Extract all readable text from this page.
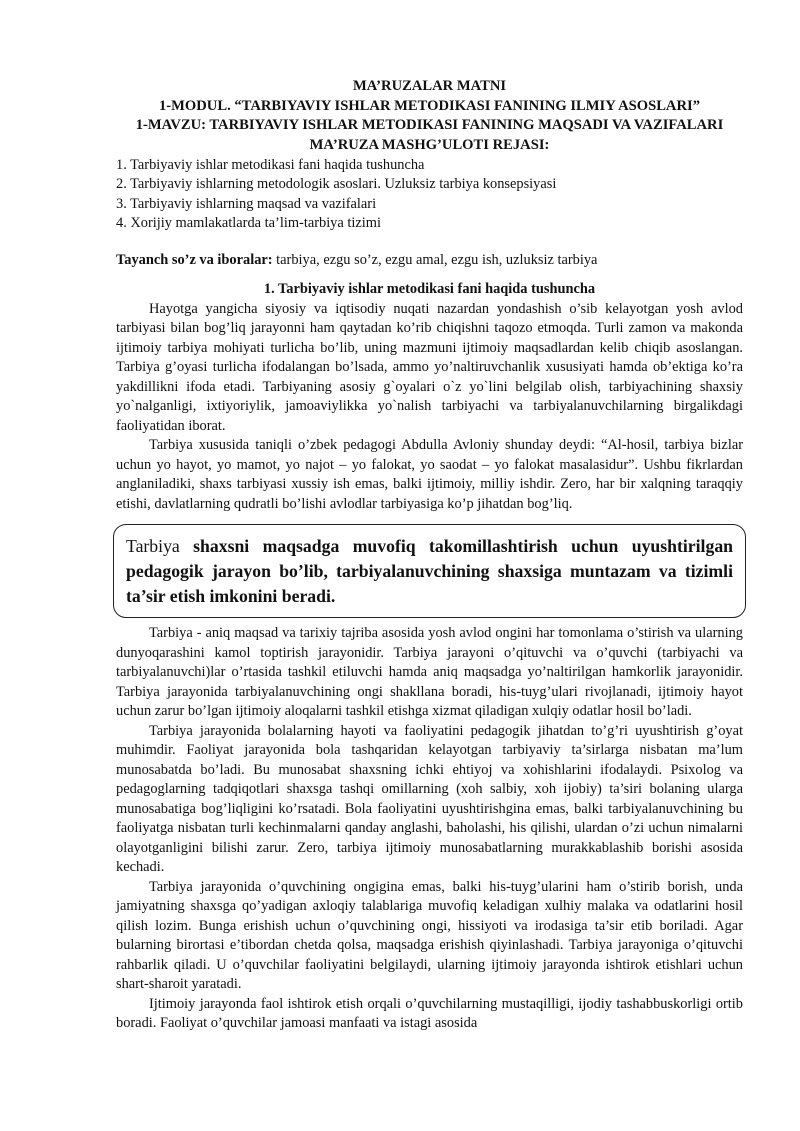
MA’RUZALAR MATNI
1-MODUL. “TARBIYAVIY ISHLAR METODIKASI FANINING ILMIY ASOSLARI”
1-MAVZU: TARBIYAVIY ISHLAR METODIKASI FANINING MAQSADI VA VAZIFALARI
MA’RUZA MASHG’ULOTI REJASI:
1. Tarbiyaviy ishlar metodikasi fani haqida tushuncha
2. Tarbiyaviy ishlarning metodologik asoslari. Uzluksiz tarbiya konsepsiyasi
3. Tarbiyaviy ishlarning maqsad va vazifalari
4. Xorijiy mamlakatlarda ta’lim-tarbiya tizimi
Tayanch so’z va iboralar: tarbiya, ezgu so’z, ezgu amal, ezgu ish, uzluksiz tarbiya
1. Tarbiyaviy ishlar metodikasi fani haqida tushuncha

Hayotga yangicha siyosiy va iqtisodiy nuqati nazardan yondashish o’sib kelayotgan yosh avlod tarbiyasi bilan bog’liq jarayonni ham qaytadan ko’rib chiqishni taqozo etmoqda. Turli zamon va makonda ijtimoiy tarbiya mohiyati turlicha bo’lib, uning mazmuni ijtimoiy maqsadlardan kelib chiqib asoslangan. Tarbiya g’oyasi turlicha ifodalangan bo’lsada, ammo yo’naltiruvchanlik xususiyati hamda ob’ektiga ko’ra yakdillikni ifoda etadi. Tarbiyaning asosiy g`oyalari o`z yo`lini belgilab olish, tarbiyachining shaxsiy yo`nalganligi, ixtiyoriylik, jamoaviylikka yo`nalish tarbiyachi va tarbiyalanuvchilarning birgalikdagi faoliyatidan iborat.

Tarbiya xususida taniqli o’zbek pedagogi Abdulla Avloniy shunday deydi: “Al-hosil, tarbiya bizlar uchun yo hayot, yo mamot, yo najot – yo falokat, yo saodat – yo falokat masalasidur”. Ushbu fikrlardan anglaniladiki, shaxs tarbiyasi xussiy ish emas, balki ijtimoiy, milliy ishdir. Zero, har bir xalqning taraqqiy etishi, davlatlarning qudratli bo’lishi avlodlar tarbiyasiga ko’p jihatdan bog’liq.

Tarbiya shaxsni maqsadga muvofiq takomillashtirish uchun uyushtirilgan pedagogik jarayon bo’lib, tarbiyalanuvchining shaxsiga muntazam va tizimli ta’sir etish imkonini beradi.

Tarbiya - aniq maqsad va tarixiy tajriba asosida yosh avlod ongini har tomonlama o’stirish va ularning dunyoqarashini kamol toptirish jarayonidir. Tarbiya jarayoni o’qituvchi va o’quvchi (tarbiyachi va tarbiyalanuvchi)lar o’rtasida tashkil etiluvchi hamda aniq maqsadga yo’naltirilgan hamkorlik jarayonidir. Tarbiya jarayonida tarbiyalanuvchining ongi shakllana boradi, his-tuyg’ulari rivojlanadi, ijtimoiy hayot uchun zarur bo’lgan ijtimoiy aloqalarni tashkil etishga xizmat qiladigan xulqiy odatlar hosil bo’ladi.

Tarbiya jarayonida bolalarning hayoti va faoliyatini pedagogik jihatdan to’g’ri uyushtirish g’oyat muhimdir. Faoliyat jarayonida bola tashqaridan kelayotgan tarbiyaviy ta’sirlarga nisbatan ma’lum munosabatda bo’ladi. Bu munosabat shaxsning ichki ehtiyoj va xohishlarini ifodalaydi. Psixolog va pedagoglarning tadqiqotlari shaxsga tashqi omillarning (xoh salbiy, xoh ijobiy) ta’siri bolaning ularga munosabatiga bog’liqligini ko’rsatadi. Bola faoliyatini uyushtirishgina emas, balki tarbiyalanuvchining bu faoliyatga nisbatan turli kechinmalarni qanday anglashi, baholashi, his qilishi, ulardan o’zi uchun nimalarni olayotganligini bilishi zarur. Zero, tarbiya ijtimoiy munosabatlarning murakkablashib borishi asosida kechadi.

Tarbiya jarayonida o’quvchining ongigina emas, balki his-tuyg’ularini ham o’stirib borish, unda jamiyatning shaxsga qo’yadigan axloqiy talablariga muvofiq keladigan xulhiy malaka va odatlarini hosil qilish lozim. Bunga erishish uchun o’quvchining ongi, hissiyoti va irodasiga ta’sir etib boriladi. Agar bularning birortasi e’tibordan chetda qolsa, maqsadga erishish qiyinlashadi. Tarbiya jarayoniga o’qituvchi rahbarlik qiladi. U o’quvchilar faoliyatini belgilaydi, ularning ijtimoiy jarayonda ishtirok etishlari uchun shart-sharoit yaratadi.

Ijtimoiy jarayonda faol ishtirok etish orqali o’quvchilarning mustaqilligi, ijodiy tashabbuskorligi ortib boradi. Faoliyat o’quvchilar jamoasi manfaati va istagi asosida
